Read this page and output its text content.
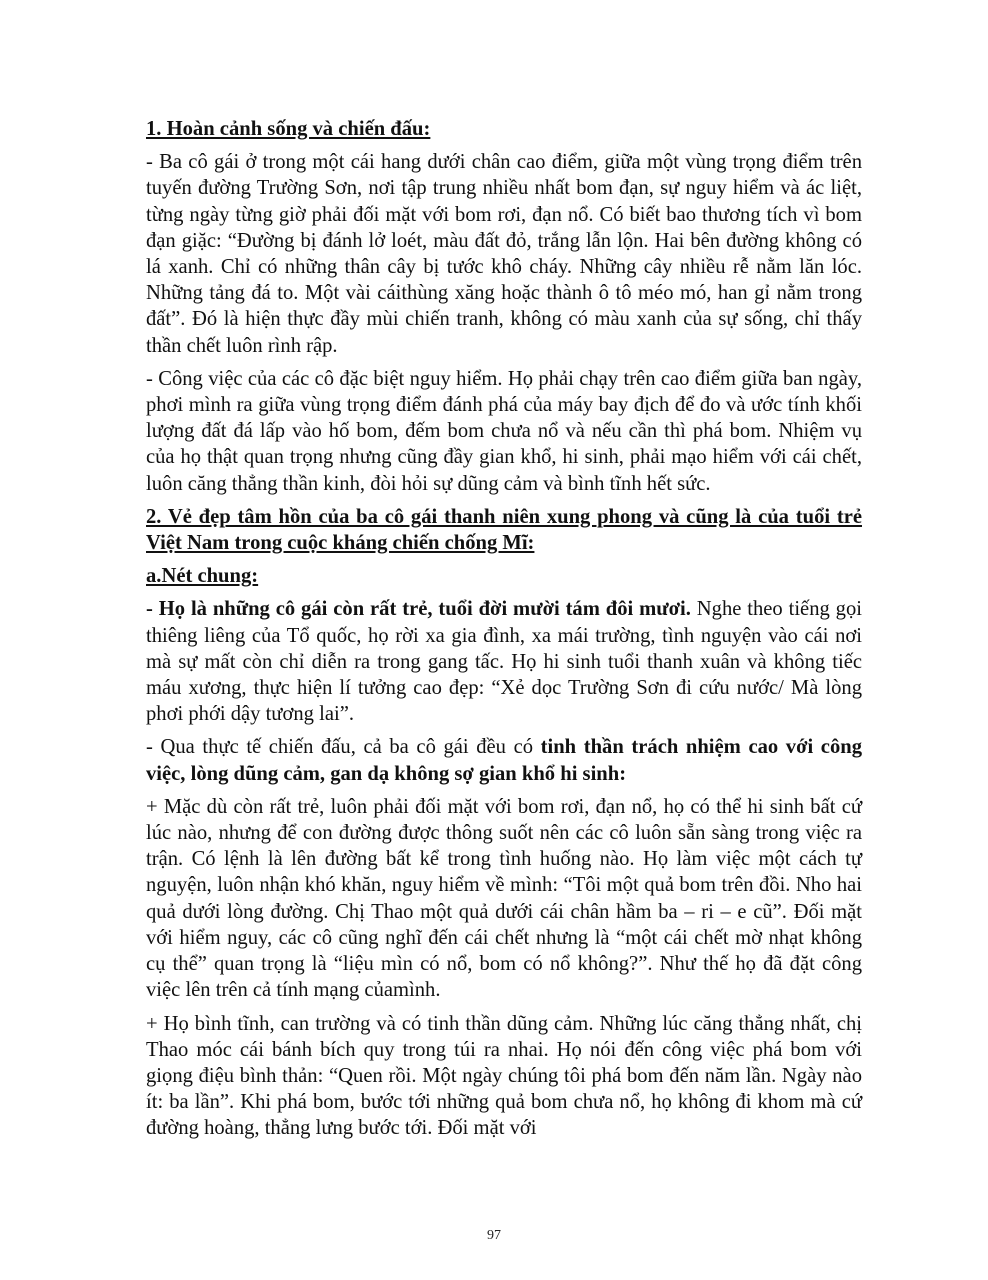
1. Hoàn cảnh sống và chiến đấu:

- Ba cô gái ở trong một cái hang dưới chân cao điểm, giữa một vùng trọng điểm trên tuyến đường Trường Sơn, nơi tập trung nhiều nhất bom đạn, sự nguy hiểm và ác liệt, từng ngày từng giờ phải đối mặt với bom rơi, đạn nổ. Có biết bao thương tích vì bom đạn giặc: “Đường bị đánh lở loét, màu đất đỏ, trắng lẫn lộn. Hai bên đường không có lá xanh. Chỉ có những thân cây bị tước khô cháy. Những cây nhiều rễ nằm lăn lóc. Những tảng đá to. Một vài cáithùng xăng hoặc thành ô tô méo mó, han gỉ nằm trong đất”. Đó là hiện thực đầy mùi chiến tranh, không có màu xanh của sự sống, chỉ thấy thần chết luôn rình rập.

- Công việc của các cô đặc biệt nguy hiểm. Họ phải chạy trên cao điểm giữa ban ngày, phơi mình ra giữa vùng trọng điểm đánh phá của máy bay địch để đo và ước tính khối lượng đất đá lấp vào hố bom, đếm bom chưa nổ và nếu cần thì phá bom. Nhiệm vụ của họ thật quan trọng nhưng cũng đầy gian khổ, hi sinh, phải mạo hiểm với cái chết, luôn căng thẳng thần kinh, đòi hỏi sự dũng cảm và bình tĩnh hết sức.

2. Vẻ đẹp tâm hồn của ba cô gái thanh niên xung phong và cũng là của tuổi trẻ Việt Nam trong cuộc kháng chiến chống Mĩ:
a.Nét chung:

- Họ là những cô gái còn rất trẻ, tuổi đời mười tám đôi mươi. Nghe theo tiếng gọi thiêng liêng của Tổ quốc, họ rời xa gia đình, xa mái trường, tình nguyện vào cái nơi mà sự mất còn chỉ diễn ra trong gang tấc. Họ hi sinh tuổi thanh xuân và không tiếc máu xương, thực hiện lí tưởng cao đẹp: “Xẻ dọc Trường Sơn đi cứu nước/ Mà lòng phơi phới dậy tương lai”.

- Qua thực tế chiến đấu, cả ba cô gái đều có tinh thần trách nhiệm cao với công việc, lòng dũng cảm, gan dạ không sợ gian khổ hi sinh:

+ Mặc dù còn rất trẻ, luôn phải đối mặt với bom rơi, đạn nổ, họ có thể hi sinh bất cứ lúc nào, nhưng để con đường được thông suốt nên các cô luôn sẵn sàng trong việc ra trận. Có lệnh là lên đường bất kể trong tình huống nào. Họ làm việc một cách tự nguyện, luôn nhận khó khăn, nguy hiểm về mình: “Tôi một quả bom trên đồi. Nho hai quả dưới lòng đường. Chị Thao một quả dưới cái chân hầm ba – ri – e cũ”. Đối mặt với hiểm nguy, các cô cũng nghĩ đến cái chết nhưng là “một cái chết mờ nhạt không cụ thể” quan trọng là “liệu mìn có nổ, bom có nổ không?”. Như thế họ đã đặt công việc lên trên cả tính mạng củamình.

+ Họ bình tĩnh, can trường và có tinh thần dũng cảm. Những lúc căng thẳng nhất, chị Thao móc cái bánh bích quy trong túi ra nhai. Họ nói đến công việc phá bom với giọng điệu bình thản: “Quen rồi. Một ngày chúng tôi phá bom đến năm lần. Ngày nào ít: ba lần”. Khi phá bom, bước tới những quả bom chưa nổ, họ không đi khom mà cứ đường hoàng, thẳng lưng bước tới. Đối mặt với

97
